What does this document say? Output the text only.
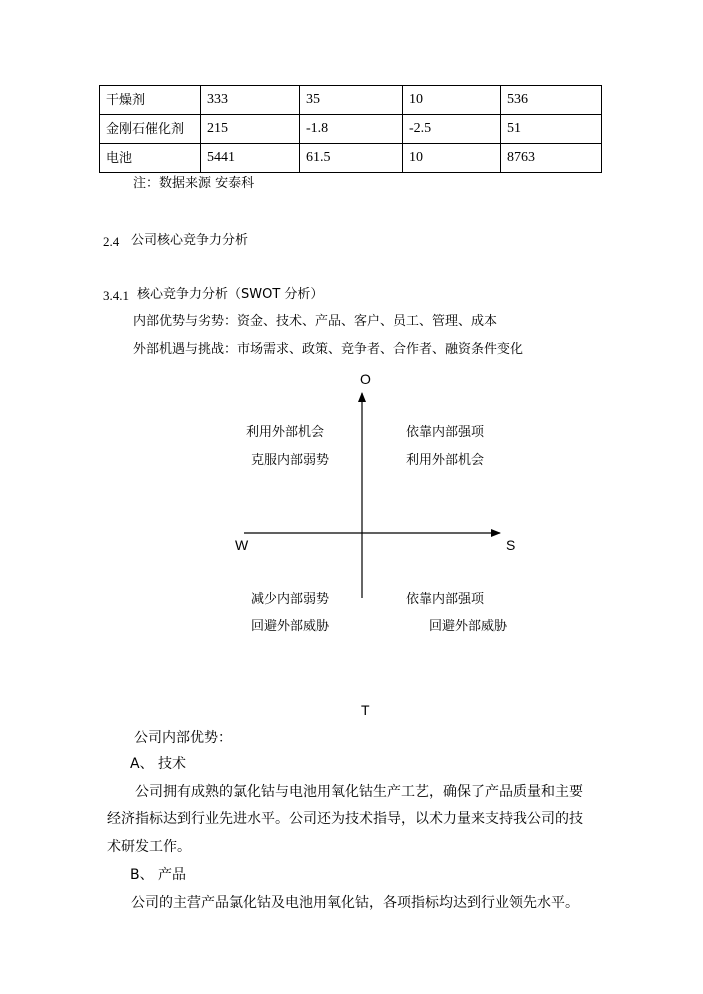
干燥剂	333	35	10	536
金刚石催化剂	215	-1.8	-2.5	51
电池	5441	61.5	10	8763
注：数据来源 安泰科
2.4 公司核心竞争力分析
3.4.1 核心竞争力分析（SWOT 分析）
内部优势与劣势：资金、技术、产品、客户、员工、管理、成本
外部机遇与挑战：市场需求、政策、竞争者、合作者、融资条件变化
O
W	S
T
利用外部机会
克服内部弱势
依靠内部强项
利用外部机会
减少内部弱势
回避外部威胁
依靠内部强项
回避外部威胁
公司内部优势：
A、 技术
公司拥有成熟的氯化钴与电池用氧化钴生产工艺，确保了产品质量和主要
经济指标达到行业先进水平。公司还为技术指导，以术力量来支持我公司的技
术研发工作。
B、 产品
公司的主营产品氯化钴及电池用氧化钴，各项指标均达到行业领先水平。
